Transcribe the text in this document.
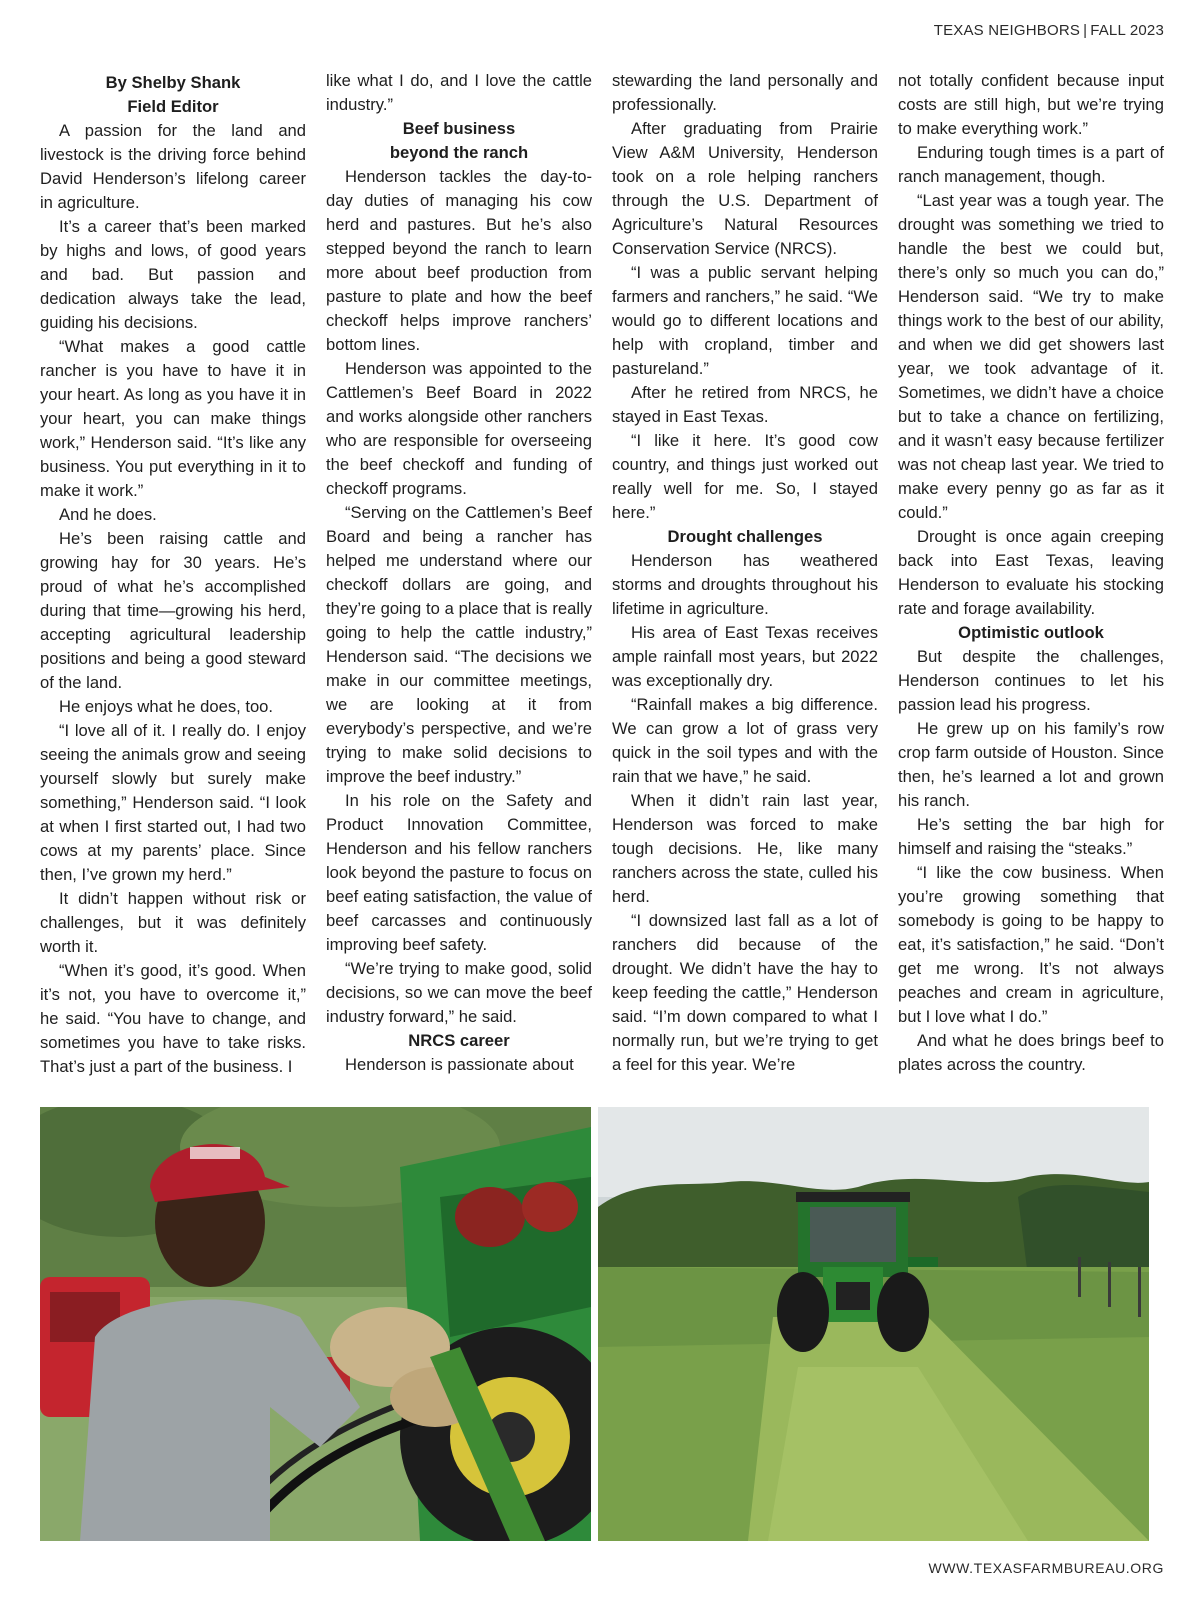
TEXAS NEIGHBORS | FALL 2023
By Shelby Shank
Field Editor

A passion for the land and livestock is the driving force behind David Henderson’s lifelong career in agriculture.

It’s a career that’s been marked by highs and lows, of good years and bad. But passion and dedication always take the lead, guiding his decisions.

“What makes a good cattle rancher is you have to have it in your heart. As long as you have it in your heart, you can make things work,” Henderson said. “It’s like any business. You put everything in it to make it work.”

And he does.

He’s been raising cattle and growing hay for 30 years. He’s proud of what he’s accomplished during that time—growing his herd, accepting agricultural leadership positions and being a good steward of the land.

He enjoys what he does, too.

“I love all of it. I really do. I enjoy seeing the animals grow and seeing yourself slowly but surely make something,” Henderson said. “I look at when I first started out, I had two cows at my parents’ place. Since then, I’ve grown my herd.”

It didn’t happen without risk or challenges, but it was definitely worth it.

“When it’s good, it’s good. When it’s not, you have to overcome it,” he said. “You have to change, and sometimes you have to take risks. That’s just a part of the business. I

like what I do, and I love the cattle industry.”

Beef business
beyond the ranch

Henderson tackles the day-to-day duties of managing his cow herd and pastures. But he’s also stepped beyond the ranch to learn more about beef production from pasture to plate and how the beef checkoff helps improve ranchers’ bottom lines.

Henderson was appointed to the Cattlemen’s Beef Board in 2022 and works alongside other ranchers who are responsible for overseeing the beef checkoff and funding of checkoff programs.

“Serving on the Cattlemen’s Beef Board and being a rancher has helped me understand where our checkoff dollars are going, and they’re going to a place that is really going to help the cattle industry,” Henderson said. “The decisions we make in our committee meetings, we are looking at it from everybody’s perspective, and we’re trying to make solid decisions to improve the beef industry.”

In his role on the Safety and Product Innovation Committee, Henderson and his fellow ranchers look beyond the pasture to focus on beef eating satisfaction, the value of beef carcasses and continuously improving beef safety.

“We’re trying to make good, solid decisions, so we can move the beef industry forward,” he said.

NRCS career

Henderson is passionate about

stewarding the land personally and professionally.

After graduating from Prairie View A&M University, Henderson took on a role helping ranchers through the U.S. Department of Agriculture’s Natural Resources Conservation Service (NRCS).

“I was a public servant helping farmers and ranchers,” he said. “We would go to different locations and help with cropland, timber and pastureland.”

After he retired from NRCS, he stayed in East Texas.

“I like it here. It’s good cow country, and things just worked out really well for me. So, I stayed here.”

Drought challenges

Henderson has weathered storms and droughts throughout his lifetime in agriculture.

His area of East Texas receives ample rainfall most years, but 2022 was exceptionally dry.

“Rainfall makes a big difference. We can grow a lot of grass very quick in the soil types and with the rain that we have,” he said.

When it didn’t rain last year, Henderson was forced to make tough decisions. He, like many ranchers across the state, culled his herd.

“I downsized last fall as a lot of ranchers did because of the drought. We didn’t have the hay to keep feeding the cattle,” Henderson said. “I’m down compared to what I normally run, but we’re trying to get a feel for this year. We’re

not totally confident because input costs are still high, but we’re trying to make everything work.”

Enduring tough times is a part of ranch management, though.

“Last year was a tough year. The drought was something we tried to handle the best we could but, there’s only so much you can do,” Henderson said. “We try to make things work to the best of our ability, and when we did get showers last year, we took advantage of it. Sometimes, we didn’t have a choice but to take a chance on fertilizing, and it wasn’t easy because fertilizer was not cheap last year. We tried to make every penny go as far as it could.”

Drought is once again creeping back into East Texas, leaving Henderson to evaluate his stocking rate and forage availability.

Optimistic outlook

But despite the challenges, Henderson continues to let his passion lead his progress.

He grew up on his family’s row crop farm outside of Houston. Since then, he’s learned a lot and grown his ranch.

He’s setting the bar high for himself and raising the “steaks.”

“I like the cow business. When you’re growing something that somebody is going to be happy to eat, it’s satisfaction,” he said. “Don’t get me wrong. It’s not always peaches and cream in agriculture, but I love what I do.”

And what he does brings beef to plates across the country.

WWW.TEXASFARMBUREAU.ORG
